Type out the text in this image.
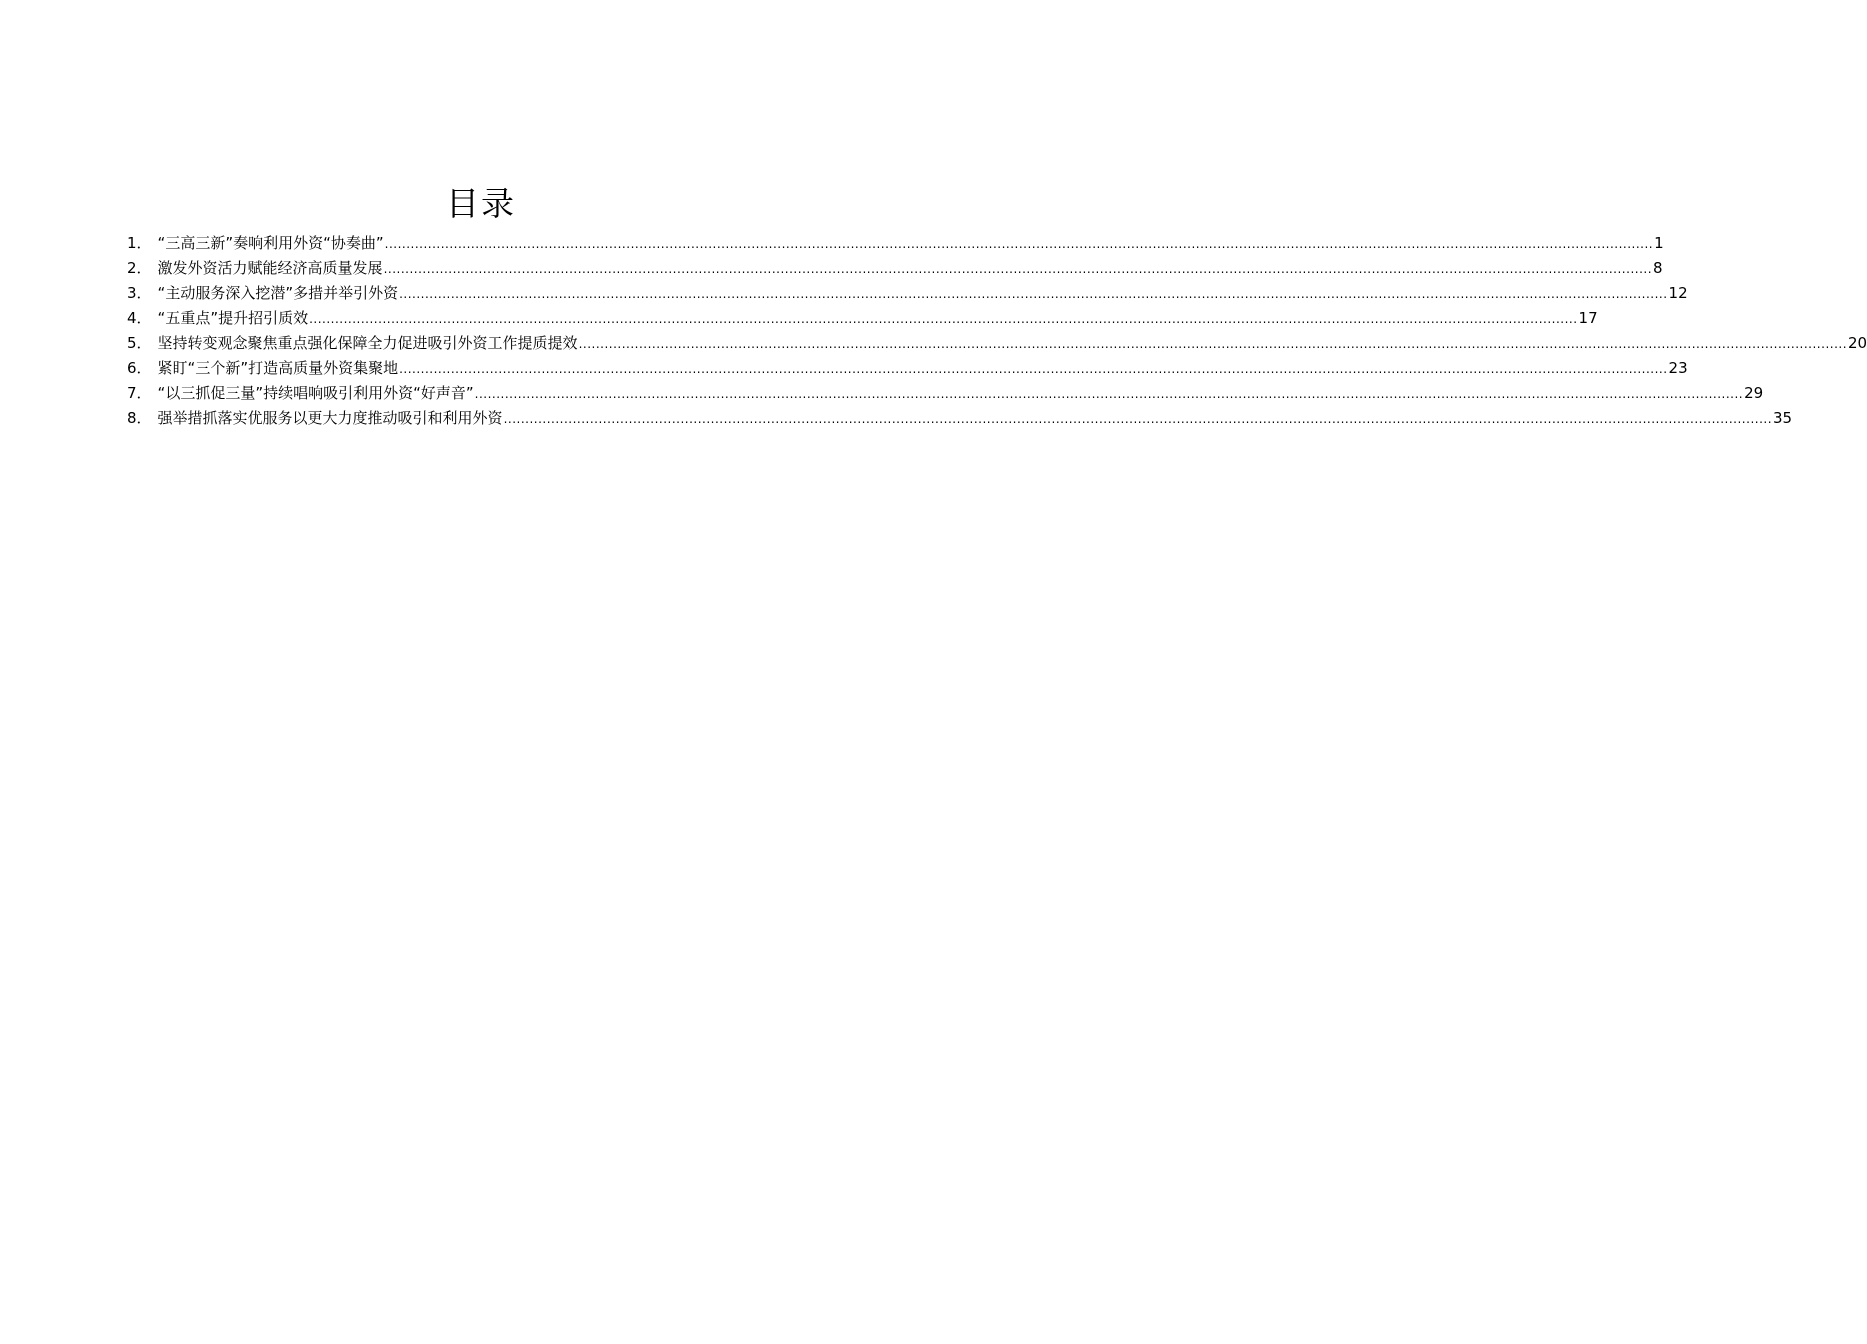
目录
1． “三高三新”奏响利用外资“协奏曲” .....	1
2． 激发外资活力赋能经济高质量发展 .....	8
3． “主动服务深入挖潜”多措并举引外资 .....	12
4． “五重点”提升招引质效 .....	17
5． 坚持转变观念聚焦重点强化保障全力促进吸引外资工作提质提效 .....	20
6． 紧盯“三个新”打造高质量外资集聚地 .....	23
7． “以三抓促三量”持续唱响吸引利用外资“好声音” .....	29
8． 强举措抓落实优服务以更大力度推动吸引和利用外资 .....	35
